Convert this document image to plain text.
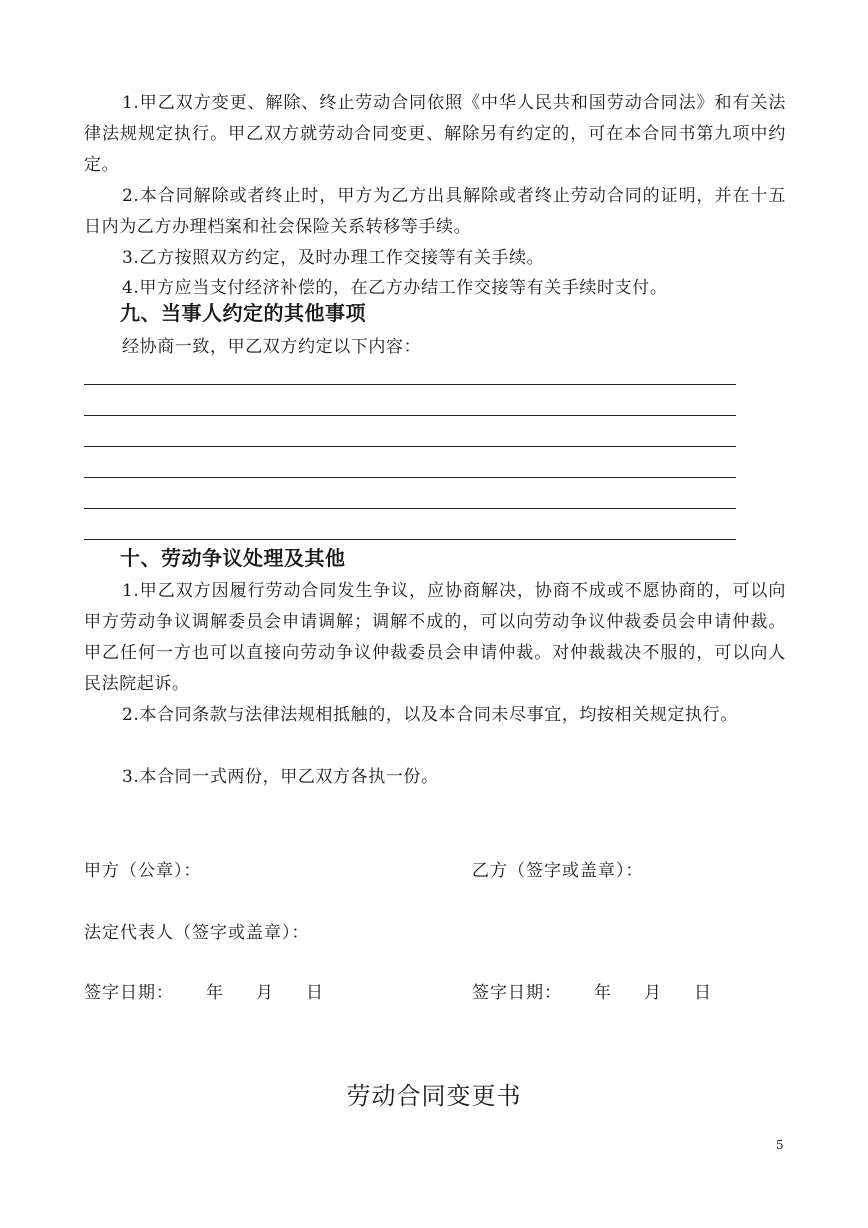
1.甲乙双方变更、解除、终止劳动合同依照《中华人民共和国劳动合同法》和有关法律法规规定执行。甲乙双方就劳动合同变更、解除另有约定的，可在本合同书第九项中约定。

2.本合同解除或者终止时，甲方为乙方出具解除或者终止劳动合同的证明，并在十五日内为乙方办理档案和社会保险关系转移等手续。

3.乙方按照双方约定，及时办理工作交接等有关手续。

4.甲方应当支付经济补偿的，在乙方办结工作交接等有关手续时支付。

九、当事人约定的其他事项

经协商一致，甲乙双方约定以下内容：

十、劳动争议处理及其他

1.甲乙双方因履行劳动合同发生争议，应协商解决，协商不成或不愿协商的，可以向甲方劳动争议调解委员会申请调解；调解不成的，可以向劳动争议仲裁委员会申请仲裁。甲乙任何一方也可以直接向劳动争议仲裁委员会申请仲裁。对仲裁裁决不服的，可以向人民法院起诉。

2.本合同条款与法律法规相抵触的，以及本合同未尽事宜，均按相关规定执行。

3.本合同一式两份，甲乙双方各执一份。

甲方（公章）：	乙方（签字或盖章）：
法定代表人（签字或盖章）：
签字日期：     年     月     日	签字日期：     年     月     日
劳动合同变更书
5
